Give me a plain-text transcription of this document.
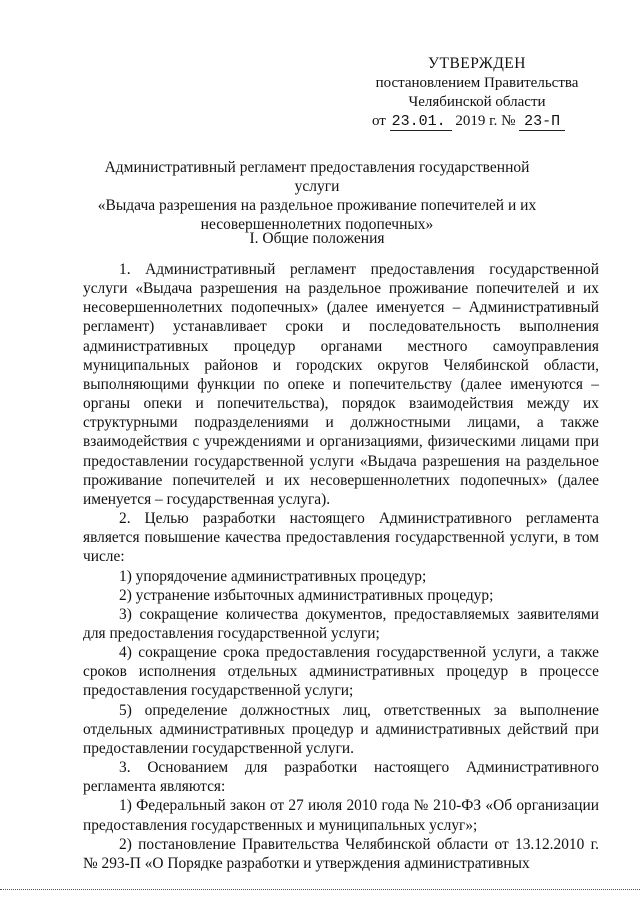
УТВЕРЖДЕН
постановлением Правительства
Челябинской области
от 23.01. 2019 г. № 23-П
Административный регламент предоставления государственной услуги
«Выдача разрешения на раздельное проживание попечителей и их
несовершеннолетних подопечных»
I. Общие положения

1. Административный регламент предоставления государственной услуги «Выдача разрешения на раздельное проживание попечителей и их несовершеннолетних подопечных» (далее именуется – Административный регламент) устанавливает сроки и последовательность выполнения административных процедур органами местного самоуправления муниципальных районов и городских округов Челябинской области, выполняющими функции по опеке и попечительству (далее именуются – органы опеки и попечительства), порядок взаимодействия между их структурными подразделениями и должностными лицами, а также взаимодействия с учреждениями и организациями, физическими лицами при предоставлении государственной услуги «Выдача разрешения на раздельное проживание попечителей и их несовершеннолетних подопечных» (далее именуется – государственная услуга).

2. Целью разработки настоящего Административного регламента является повышение качества предоставления государственной услуги, в том числе:

1) упорядочение административных процедур;

2) устранение избыточных административных процедур;

3) сокращение количества документов, предоставляемых заявителями для предоставления государственной услуги;

4) сокращение срока предоставления государственной услуги, а также сроков исполнения отдельных административных процедур в процессе предоставления государственной услуги;

5) определение должностных лиц, ответственных за выполнение отдельных административных процедур и административных действий при предоставлении государственной услуги.

3. Основанием для разработки настоящего Административного регламента являются:

1) Федеральный закон от 27 июля 2010 года № 210-ФЗ «Об организации предоставления государственных и муниципальных услуг»;

2) постановление Правительства Челябинской области от 13.12.2010 г. № 293-П «О Порядке разработки и утверждения административных
